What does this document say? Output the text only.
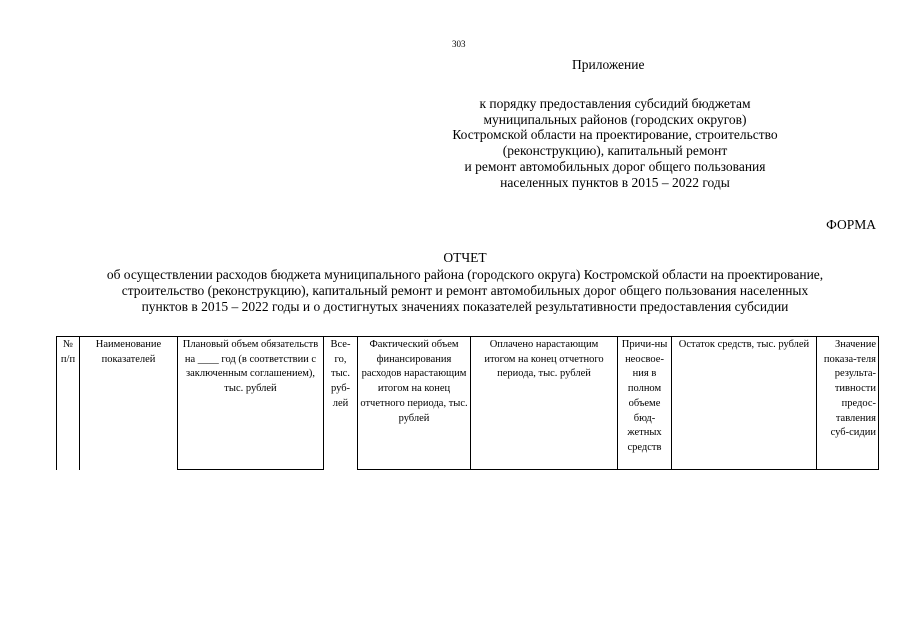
303
Приложение
к порядку предоставления субсидий бюджетам
муниципальных районов (городских округов)
Костромской области на проектирование, строительство
(реконструкцию), капитальный ремонт
и ремонт автомобильных дорог общего пользования
населенных пунктов в 2015 – 2022 годы
ФОРМА
ОТЧЕТ
об осуществлении расходов бюджета муниципального района (городского округа) Костромской области на проектирование,
строительство (реконструкцию), капитальный ремонт и ремонт автомобильных дорог общего пользования населенных
пунктов в 2015 – 2022 годы и о достигнутых значениях показателей результативности предоставления субсидии
№ п/п	Наименование показателей	Плановый объем обязательств на ____ год (в соответствии с заключенным соглашением), тыс. рублей	Все-го, тыс. руб-лей	Фактический объем финансирования расходов нарастающим итогом на конец отчетного периода, тыс. рублей	Оплачено нарастающим итогом на конец отчетного периода, тыс. рублей	Причи-ны неосвое-ния в полном объеме бюд-жетных средств	Остаток средств, тыс. рублей	Значение показа-теля результа-тивности предос-тавления суб-сидии
